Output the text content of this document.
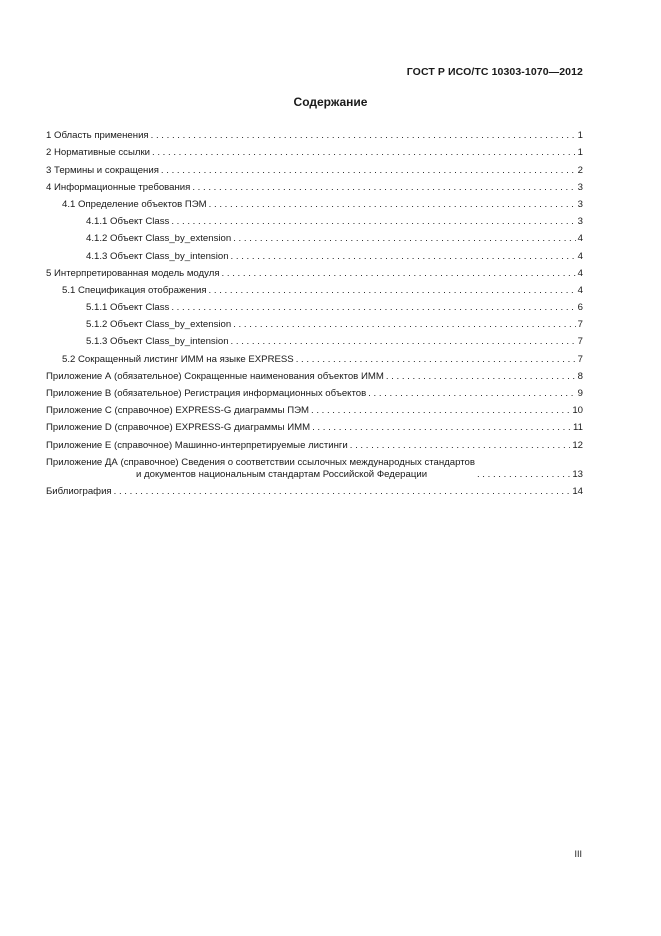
ГОСТ Р ИСО/ТС 10303-1070—2012
Содержание
1 Область применения . . .	1
2 Нормативные ссылки . . .	1
3 Термины и сокращения . . .	2
4 Информационные требования . . .	3
4.1 Определение объектов ПЭМ . . .	3
4.1.1 Объект Class . . .	3
4.1.2 Объект Class_by_extension . . .	4
4.1.3 Объект Class_by_intension . . .	4
5 Интерпретированная модель модуля . . .	4
5.1 Спецификация отображения . . .	4
5.1.1 Объект Class . . .	6
5.1.2 Объект Class_by_extension . . .	7
5.1.3 Объект Class_by_intension . . .	7
5.2 Сокращенный листинг ИММ на языке EXPRESS . . .	7
Приложение А (обязательное) Сокращенные наименования объектов ИММ . . .	8
Приложение В (обязательное) Регистрация информационных объектов . . .	9
Приложение С (справочное) EXPRESS-G диаграммы ПЭМ . . .	10
Приложение D (справочное) EXPRESS-G диаграммы ИММ . . .	11
Приложение Е (справочное) Машинно-интерпретируемые листинги . . .	12
Приложение ДА (справочное) Сведения о соответствии ссылочных международных стандартов
и документов национальным стандартам Российской Федерации . . .	13
Библиография . . .	14
III
